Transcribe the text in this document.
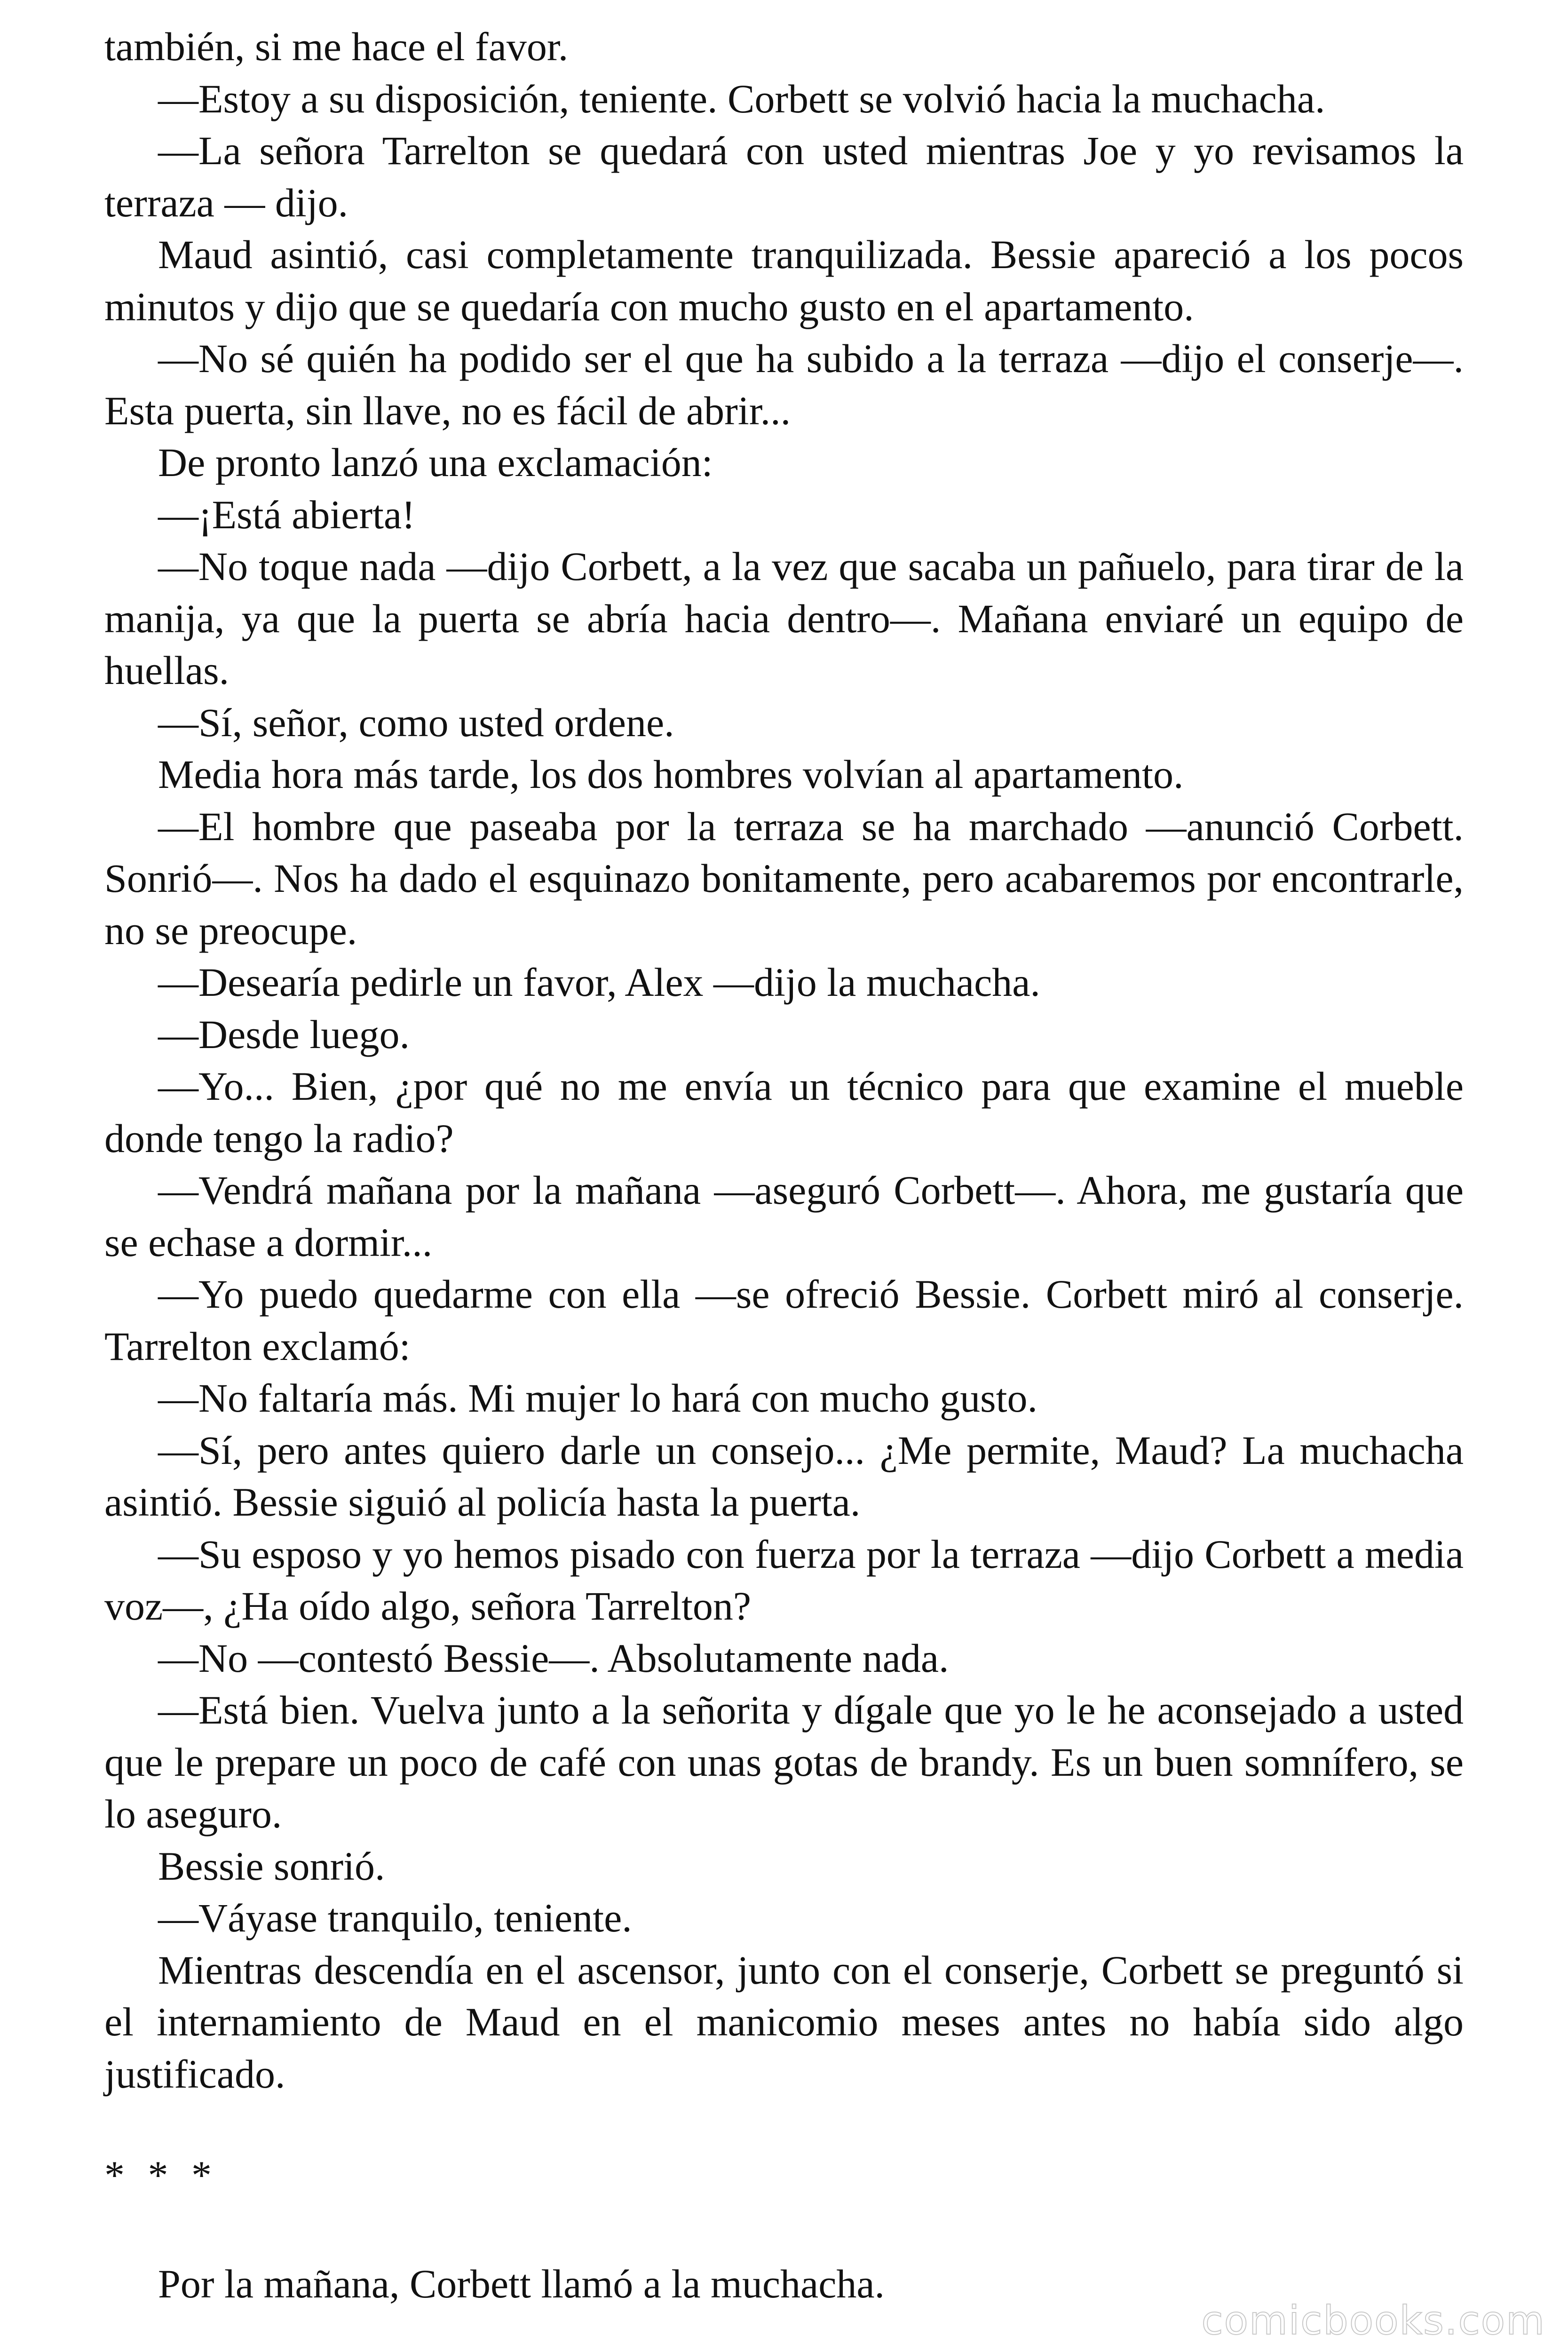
también, si me hace el favor.

—Estoy a su disposición, teniente. Corbett se volvió hacia la muchacha.

—La señora Tarrelton se quedará con usted mientras Joe y yo revisamos la terraza — dijo.

Maud asintió, casi completamente tranquilizada. Bessie apareció a los pocos minutos y dijo que se quedaría con mucho gusto en el apartamento.

—No sé quién ha podido ser el que ha subido a la terraza —dijo el conserje—. Esta puerta, sin llave, no es fácil de abrir...

De pronto lanzó una exclamación:

—¡Está abierta!

—No toque nada —dijo Corbett, a la vez que sacaba un pañuelo, para tirar de la manija, ya que la puerta se abría hacia dentro—. Mañana enviaré un equipo de huellas.

—Sí, señor, como usted ordene.

Media hora más tarde, los dos hombres volvían al apartamento.

—El hombre que paseaba por la terraza se ha marchado —anunció Corbett. Sonrió—. Nos ha dado el esquinazo bonitamente, pero acabaremos por encontrarle, no se preocupe.

—Desearía pedirle un favor, Alex —dijo la muchacha.

—Desde luego.

—Yo... Bien, ¿por qué no me envía un técnico para que examine el mueble donde tengo la radio?

—Vendrá mañana por la mañana —aseguró Corbett—. Ahora, me gustaría que se echase a dormir...

—Yo puedo quedarme con ella —se ofreció Bessie. Corbett miró al conserje. Tarrelton exclamó:

—No faltaría más. Mi mujer lo hará con mucho gusto.

—Sí, pero antes quiero darle un consejo... ¿Me permite, Maud? La muchacha asintió. Bessie siguió al policía hasta la puerta.

—Su esposo y yo hemos pisado con fuerza por la terraza —dijo Corbett a media voz—, ¿Ha oído algo, señora Tarrelton?

—No —contestó Bessie—. Absolutamente nada.

—Está bien. Vuelva junto a la señorita y dígale que yo le he aconsejado a usted que le prepare un poco de café con unas gotas de brandy. Es un buen somnífero, se lo aseguro.

Bessie sonrió.

—Váyase tranquilo, teniente.

Mientras descendía en el ascensor, junto con el conserje, Corbett se preguntó si el internamiento de Maud en el manicomio meses antes no había sido algo justificado.

* * *

Por la mañana, Corbett llamó a la muchacha.

comicbooks.com
